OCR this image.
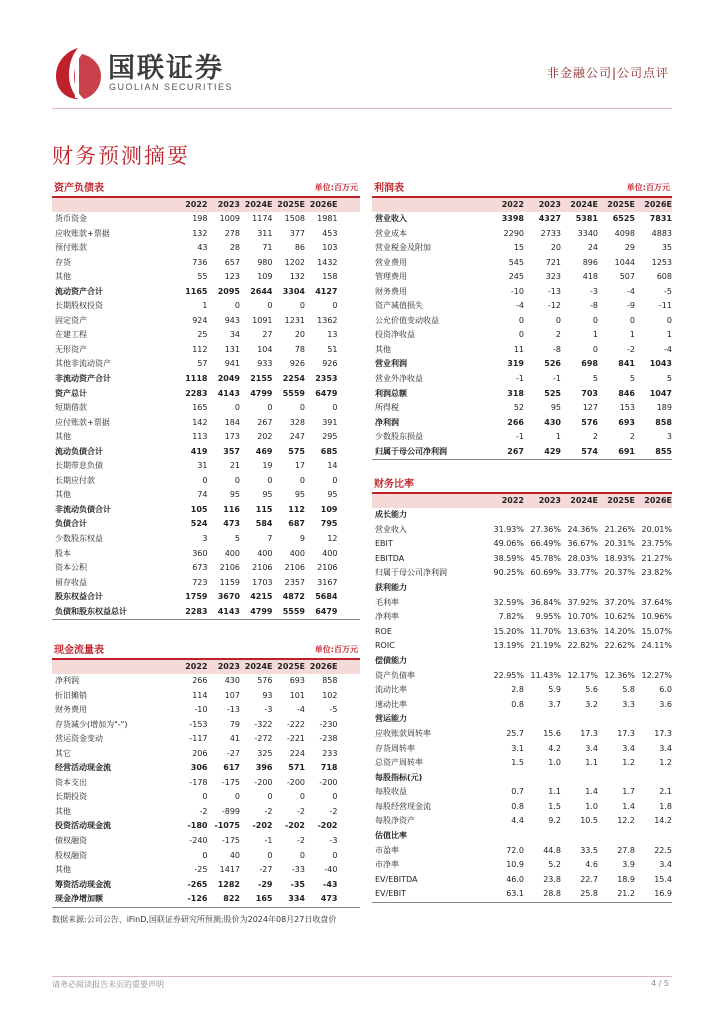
国联证券
GUOLIAN SECURITIES
非金融公司|公司点评
财务预测摘要
资产负债表	单位:百万元
2022	2023 2024E 2025E 2026E
货币资金	198	1009	1174	1508	1981
应收账款+票据	132	278	311	377	453
预付账款	43	28	71	86	103
存货	736	657	980	1202	1432
其他	55	123	109	132	158
流动资产合计	1165	2095	2644	3304	4127
长期股权投资	1	0	0	0	0
固定资产	924	943	1091	1231	1362
在建工程	25	34	27	20	13
无形资产	112	131	104	78	51
其他非流动资产	57	941	933	926	926
非流动资产合计	1118	2049	2155	2254	2353
资产总计	2283	4143	4799	5559	6479
短期借款	165	0	0	0	0
应付账款+票据	142	184	267	328	391
其他	113	173	202	247	295
流动负债合计	419	357	469	575	685
长期带息负债	31	21	19	17	14
长期应付款	0	0	0	0	0
其他	74	95	95	95	95
非流动负债合计	105	116	115	112	109
负债合计	524	473	584	687	795
少数股东权益	3	5	7	9	12
股本	360	400	400	400	400
资本公积	673	2106	2106	2106	2106
留存收益	723	1159	1703	2357	3167
股东权益合计	1759	3670	4215	4872	5684
负债和股东权益总计	2283	4143	4799	5559	6479
现金流量表	单位:百万元
2022	2023 2024E 2025E 2026E
净利润	266	430	576	693	858
折旧摊销	114	107	93	101	102
财务费用	-10	-13	-3	-4	-5
存货减少(增加为"-")	-153	79	-322	-222	-230
营运资金变动	-117	41	-272	-221	-238
其它	206	-27	325	224	233
经营活动现金流	306	617	396	571	718
资本支出	-178	-175	-200	-200	-200
长期投资	0	0	0	0	0
其他	-2	-899	-2	-2	-2
投资活动现金流	-180 -1075	-202	-202	-202
债权融资	-240	-175	-1	-2	-3
股权融资	0	40	0	0	0
其他	-25	1417	-27	-33	-40
筹资活动现金流	-265	1282	-29	-35	-43
现金净增加额	-126	822	165	334	473
利润表	单位:百万元
2022	2023	2024E	2025E	2026E
营业收入	3398	4327	5381	6525	7831
营业成本	2290	2733	3340	4098	4883
营业税金及附加	15	20	24	29	35
营业费用	545	721	896	1044	1253
管理费用	245	323	418	507	608
财务费用	-10	-13	-3	-4	-5
资产减值损失	-4	-12	-8	-9	-11
公允价值变动收益	0	0	0	0	0
投资净收益	0	2	1	1	1
其他	11	-8	0	-2	-4
营业利润	319	526	698	841	1043
营业外净收益	-1	-1	5	5	5
利润总额	318	525	703	846	1047
所得税	52	95	127	153	189
净利润	266	430	576	693	858
少数股东损益	-1	1	2	2	3
归属于母公司净利润	267	429	574	691	855
财务比率
2022	2023	2024E	2025E	2026E
成长能力
营业收入	31.93% 27.36% 24.36% 21.26% 20.01%
EBIT	49.06% 66.49% 36.67% 20.31% 23.75%
EBITDA	38.59% 45.78% 28.03% 18.93% 21.27%
归属于母公司净利润	90.25% 60.69% 33.77% 20.37% 23.82%
获利能力
毛利率	32.59% 36.84% 37.92% 37.20% 37.64%
净利率	7.82%	9.95% 10.70% 10.62% 10.96%
ROE	15.20% 11.70% 13.63% 14.20% 15.07%
ROIC	13.19% 21.19% 22.82% 22.62% 24.11%
偿债能力
资产负债率	22.95% 11.43% 12.17% 12.36% 12.27%
流动比率	2.8	5.9	5.6	5.8	6.0
速动比率	0.8	3.7	3.2	3.3	3.6
营运能力
应收账款周转率	25.7	15.6	17.3	17.3	17.3
存货周转率	3.1	4.2	3.4	3.4	3.4
总资产周转率	1.5	1.0	1.1	1.2	1.2
每股指标(元)
每股收益	0.7	1.1	1.4	1.7	2.1
每股经营现金流	0.8	1.5	1.0	1.4	1.8
每股净资产	4.4	9.2	10.5	12.2	14.2
估值比率
市盈率	72.0	44.8	33.5	27.8	22.5
市净率	10.9	5.2	4.6	3.9	3.4
EV/EBITDA	46.0	23.8	22.7	18.9	15.4
EV/EBIT	63.1	28.8	25.8	21.2	16.9
数据来源:公司公告、iFinD,国联证券研究所预测;股价为2024年08月27日收盘价
请务必阅读报告末页的重要声明	4 / 5
